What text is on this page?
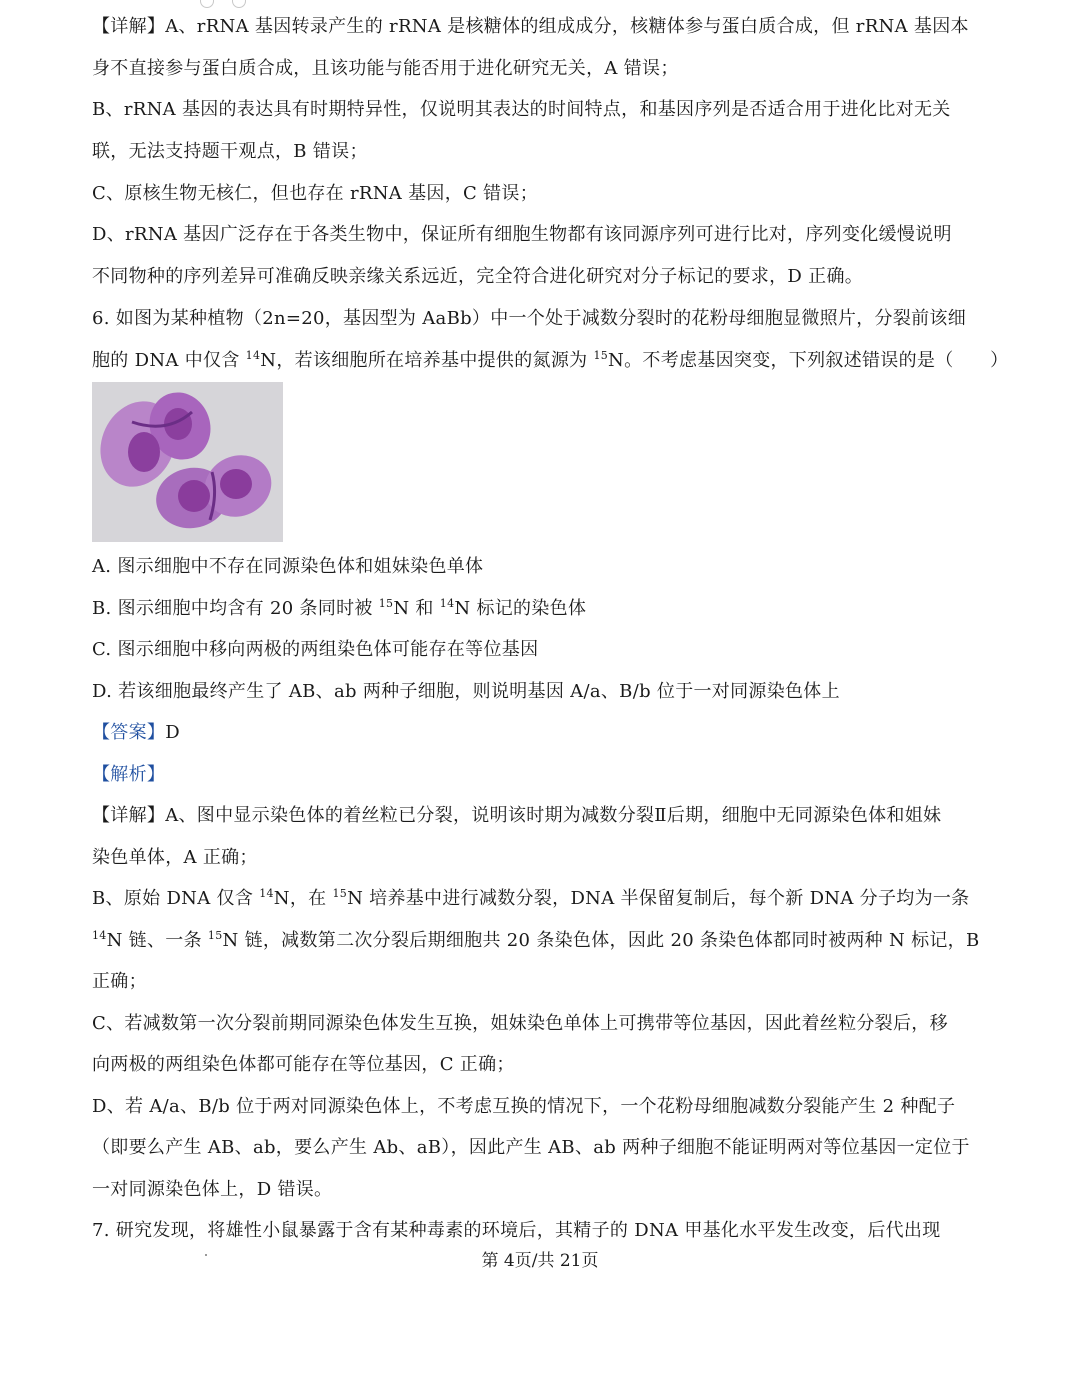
【详解】A、rRNA 基因转录产生的 rRNA 是核糖体的组成成分，核糖体参与蛋白质合成，但 rRNA 基因本
身不直接参与蛋白质合成，且该功能与能否用于进化研究无关，A 错误；
B、rRNA 基因的表达具有时期特异性，仅说明其表达的时间特点，和基因序列是否适合用于进化比对无关
联，无法支持题干观点，B 错误；
C、原核生物无核仁，但也存在 rRNA 基因，C 错误；
D、rRNA 基因广泛存在于各类生物中，保证所有细胞生物都有该同源序列可进行比对，序列变化缓慢说明
不同物种的序列差异可准确反映亲缘关系远近，完全符合进化研究对分子标记的要求，D 正确。
6. 如图为某种植物（2n=20，基因型为 AaBb）中一个处于减数分裂时的花粉母细胞显微照片，分裂前该细
胞的 DNA 中仅含 $^{14}$N，若该细胞所在培养基中提供的氮源为 $^{15}$N。不考虑基因突变，下列叙述错误的是（　　）
A. 图示细胞中不存在同源染色体和姐妹染色单体
B. 图示细胞中均含有 20 条同时被 $^{15}$N 和 $^{14}$N 标记的染色体
C. 图示细胞中移向两极的两组染色体可能存在等位基因
D. 若该细胞最终产生了 AB、ab 两种子细胞，则说明基因 A/a、B/b 位于一对同源染色体上
【答案】D
【解析】
【详解】A、图中显示染色体的着丝粒已分裂，说明该时期为减数分裂Ⅱ后期，细胞中无同源染色体和姐妹
染色单体，A 正确；
B、原始 DNA 仅含 $^{14}$N，在 $^{15}$N 培养基中进行减数分裂，DNA 半保留复制后，每个新 DNA 分子均为一条
$^{14}$N 链、一条 $^{15}$N 链，减数第二次分裂后期细胞共 20 条染色体，因此 20 条染色体都同时被两种 N 标记，B
正确；
C、若减数第一次分裂前期同源染色体发生互换，姐妹染色单体上可携带等位基因，因此着丝粒分裂后，移
向两极的两组染色体都可能存在等位基因，C 正确；
D、若 A/a、B/b 位于两对同源染色体上，不考虑互换的情况下，一个花粉母细胞减数分裂能产生 2 种配子
（即要么产生 AB、ab，要么产生 Ab、aB），因此产生 AB、ab 两种子细胞不能证明两对等位基因一定位于
一对同源染色体上，D 错误。
7. 研究发现，将雄性小鼠暴露于含有某种毒素的环境后，其精子的 DNA 甲基化水平发生改变，后代出现
第 4页/共 21页
